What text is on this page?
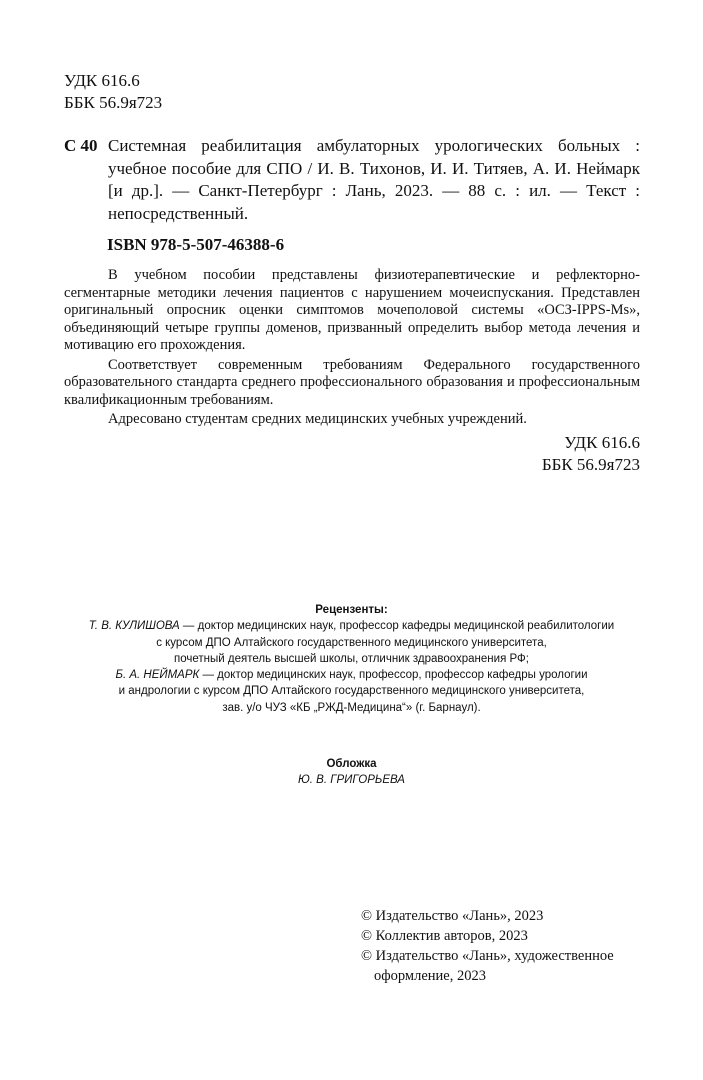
УДК 616.6
ББК 56.9я723
С 40 Системная реабилитация амбулаторных урологических больных : учебное пособие для СПО / И. В. Тихонов, И. И. Титяев, А. И. Неймарк [и др.]. — Санкт-Петербург : Лань, 2023. — 88 с. : ил. — Текст : непосредственный.
ISBN 978-5-507-46388-6

В учебном пособии представлены физиотерапевтические и рефлекторно-сегментарные методики лечения пациентов с нарушением мочеиспускания. Представлен оригинальный опросник оценки симптомов мочеполовой системы «ОСЗ-IPPS-Ms», объединяющий четыре группы доменов, призванный определить выбор метода лечения и мотивацию его прохождения.

Соответствует современным требованиям Федерального государственного образовательного стандарта среднего профессионального образования и профессиональным квалификационным требованиям.

Адресовано студентам средних медицинских учебных учреждений.

УДК 616.6
ББК 56.9я723
Рецензенты:
Т. В. КУЛИШОВА — доктор медицинских наук, профессор кафедры медицинской реабилитологии
с курсом ДПО Алтайского государственного медицинского университета,
почетный деятель высшей школы, отличник здравоохранения РФ;
Б. А. НЕЙМАРК — доктор медицинских наук, профессор, профессор кафедры урологии
и андрологии с курсом ДПО Алтайского государственного медицинского университета,
зав. у/о ЧУЗ «КБ „РЖД-Медицина“» (г. Барнаул).
Обложка
Ю. В. ГРИГОРЬЕВА
© Издательство «Лань», 2023
© Коллектив авторов, 2023
© Издательство «Лань», художественное
оформление, 2023
